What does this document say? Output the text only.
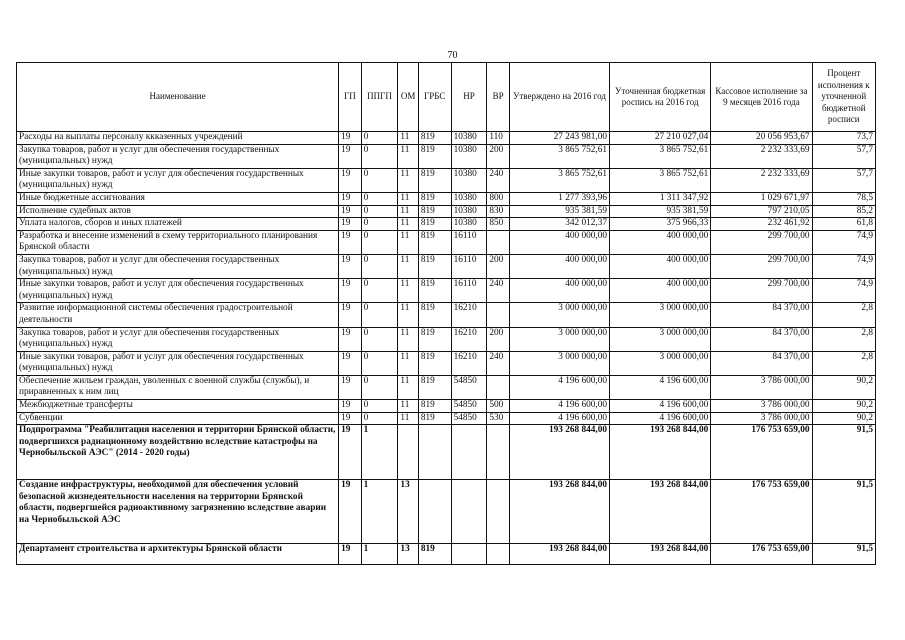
70
Наименование	ГП	ППГП	ОМ	ГРБС	НР	ВР	Утверждено на 2016 год	Уточненная бюджетная роспись на 2016 год	Кассовое исполнение за 9 месяцев 2016 года	Процент исполнения к уточненной бюджетной росписи
Расходы на выплаты персоналу ккказенных учреждений	19	0	11	819	10380	110	27 243 981,00	27 210 027,04	20 056 953,67	73,7
Закупка товаров, работ и услуг для обеспечения государственных (муниципальных) нужд	19	0	11	819	10380	200	3 865 752,61	3 865 752,61	2 232 333,69	57,7
Иные закупки товаров, работ и услуг для обеспечения государственных (муниципальных) нужд	19	0	11	819	10380	240	3 865 752,61	3 865 752,61	2 232 333,69	57,7
Иные бюджетные ассигнования	19	0	11	819	10380	800	1 277 393,96	1 311 347,92	1 029 671,97	78,5
Исполнение судебных актов	19	0	11	819	10380	830	935 381,59	935 381,59	797 210,05	85,2
Уплата налогов, сборов и иных платежей	19	0	11	819	10380	850	342 012,37	375 966,33	232 461,92	61,8
Разработка и внесение изменений в схему территориального планирования Брянской области	19	0	11	819	16110		400 000,00	400 000,00	299 700,00	74,9
Закупка товаров, работ и услуг для обеспечения государственных (муниципальных) нужд	19	0	11	819	16110	200	400 000,00	400 000,00	299 700,00	74,9
Иные закупки товаров, работ и услуг для обеспечения государственных (муниципальных) нужд	19	0	11	819	16110	240	400 000,00	400 000,00	299 700,00	74,9
Развитие информационной системы обеспечения градостроительной деятельности	19	0	11	819	16210		3 000 000,00	3 000 000,00	84 370,00	2,8
Закупка товаров, работ и услуг для обеспечения государственных (муниципальных) нужд	19	0	11	819	16210	200	3 000 000,00	3 000 000,00	84 370,00	2,8
Иные закупки товаров, работ и услуг для обеспечения государственных (муниципальных) нужд	19	0	11	819	16210	240	3 000 000,00	3 000 000,00	84 370,00	2,8
Обеспечение жильем граждан, уволенных с военной службы (службы), и приравненных к ним лиц	19	0	11	819	54850		4 196 600,00	4 196 600,00	3 786 000,00	90,2
Межбюджетные трансферты	19	0	11	819	54850	500	4 196 600,00	4 196 600,00	3 786 000,00	90,2
Субвенции	19	0	11	819	54850	530	4 196 600,00	4 196 600,00	3 786 000,00	90,2
Подпрограмма "Реабилитация населения и территории Брянской области, подвергшихся радиационному воздействию вследствие катастрофы на Чернобыльской АЭС" (2014 - 2020 годы)	19	1					193 268 844,00	193 268 844,00	176 753 659,00	91,5
Создание инфраструктуры, необходимой для обеспечения условий безопасной жизнедеятельности населения на территории Брянской области, подвергшейся радиоактивному загрязнению вследствие аварии на Чернобыльской АЭС	19	1	13				193 268 844,00	193 268 844,00	176 753 659,00	91,5
Департамент строительства и архитектуры Брянской области	19	1	13	819			193 268 844,00	193 268 844,00	176 753 659,00	91,5
